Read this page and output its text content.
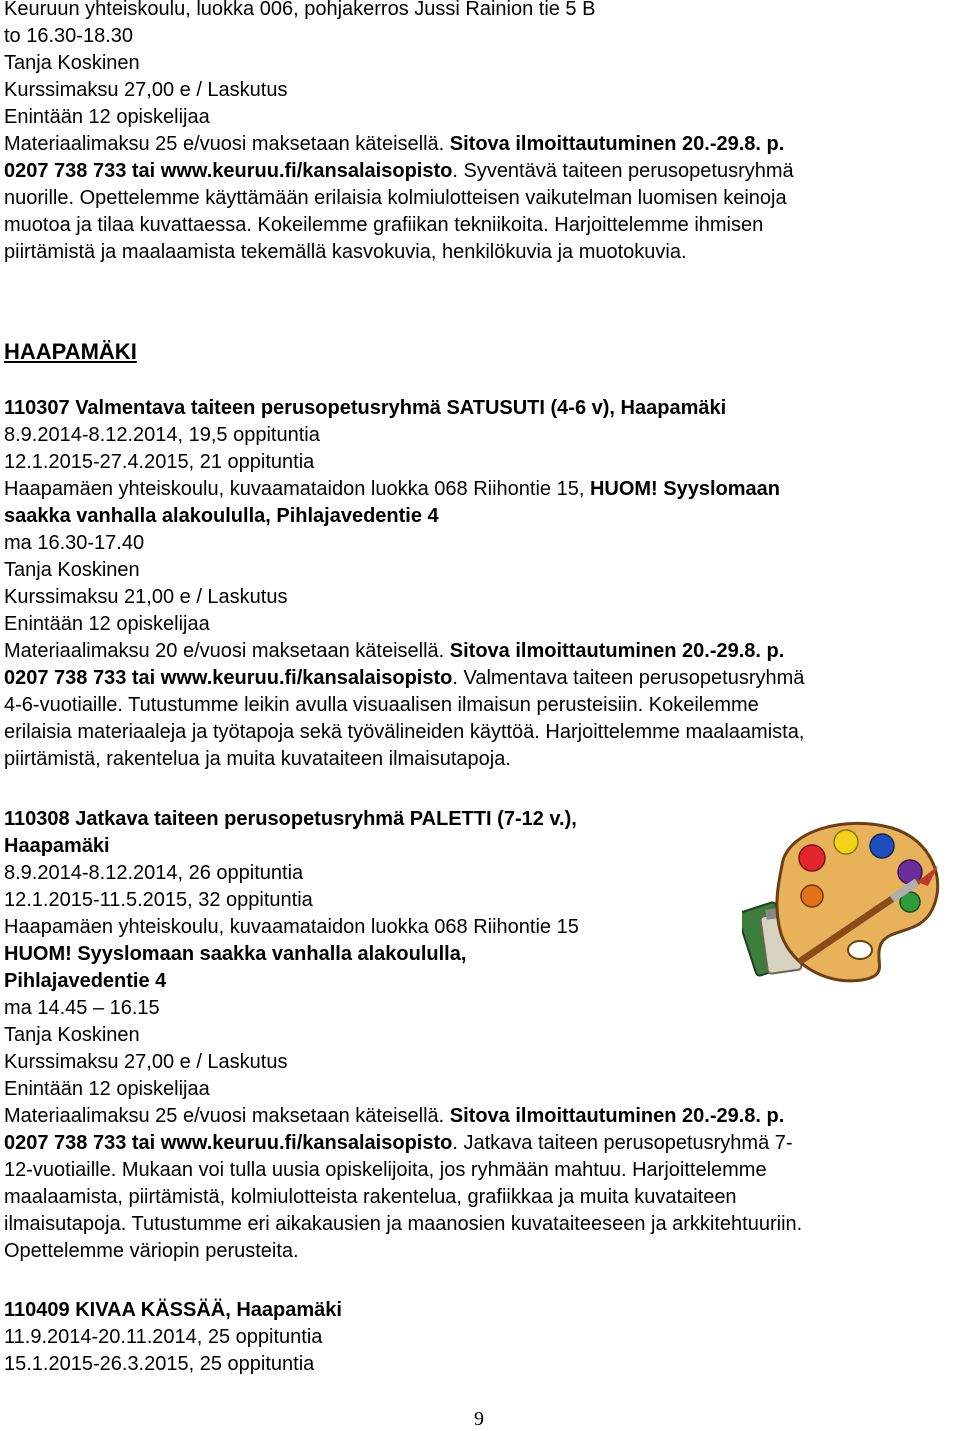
Keuruun yhteiskoulu, luokka 006, pohjakerros Jussi Rainion tie 5 B
to 16.30-18.30
Tanja Koskinen
Kurssimaksu 27,00 e / Laskutus
Enintään 12 opiskelijaa
Materiaalimaksu 25 e/vuosi maksetaan käteisellä. Sitova ilmoittautuminen 20.-29.8. p.
0207 738 733 tai www.keuruu.fi/kansalaisopisto. Syventävä taiteen perusopetusryhmä
nuorille. Opettelemme käyttämään erilaisia kolmiulotteisen vaikutelman luomisen keinoja
muotoa ja tilaa kuvattaessa. Kokeilemme grafiikan tekniikoita. Harjoittelemme ihmisen
piirtämistä ja maalaamista tekemällä kasvokuvia, henkilökuvia ja muotokuvia.
HAAPAMÄKI
110307 Valmentava taiteen perusopetusryhmä SATUSUTI (4-6 v), Haapamäki
8.9.2014-8.12.2014, 19,5 oppituntia
12.1.2015-27.4.2015, 21 oppituntia
Haapamäen yhteiskoulu, kuvaamataidon luokka 068 Riihontie 15, HUOM! Syyslomaan
saakka vanhalla alakoululla, Pihlajavedentie 4
ma 16.30-17.40
Tanja Koskinen
Kurssimaksu 21,00 e / Laskutus
Enintään 12 opiskelijaa
Materiaalimaksu 20 e/vuosi maksetaan käteisellä. Sitova ilmoittautuminen 20.-29.8. p.
0207 738 733 tai www.keuruu.fi/kansalaisopisto. Valmentava taiteen perusopetusryhmä
4-6-vuotiaille. Tutustumme leikin avulla visuaalisen ilmaisun perusteisiin. Kokeilemme
erilaisia materiaaleja ja työtapoja sekä työvälineiden käyttöä. Harjoittelemme maalaamista,
piirtämistä, rakentelua ja muita kuvataiteen ilmaisutapoja.
110308 Jatkava taiteen perusopetusryhmä PALETTI (7-12 v.),
Haapamäki
8.9.2014-8.12.2014, 26 oppituntia
12.1.2015-11.5.2015, 32 oppituntia
Haapamäen yhteiskoulu, kuvaamataidon luokka 068 Riihontie 15
HUOM! Syyslomaan saakka vanhalla alakoululla,
Pihlajavedentie 4
ma 14.45 – 16.15
Tanja Koskinen
Kurssimaksu 27,00 e / Laskutus
Enintään 12 opiskelijaa
Materiaalimaksu 25 e/vuosi maksetaan käteisellä. Sitova ilmoittautuminen 20.-29.8. p.
0207 738 733 tai www.keuruu.fi/kansalaisopisto. Jatkava taiteen perusopetusryhmä 7-
12-vuotiaille. Mukaan voi tulla uusia opiskelijoita, jos ryhmään mahtuu. Harjoittelemme
maalaamista, piirtämistä, kolmiulotteista rakentelua, grafiikkaa ja muita kuvataiteen
ilmaisutapoja. Tutustumme eri aikakausien ja maanosien kuvataiteeseen ja arkkitehtuuriin.
Opettelemme väriopin perusteita.
110409 KIVAA KÄSSÄÄ, Haapamäki
11.9.2014-20.11.2014, 25 oppituntia
15.1.2015-26.3.2015, 25 oppituntia
9
